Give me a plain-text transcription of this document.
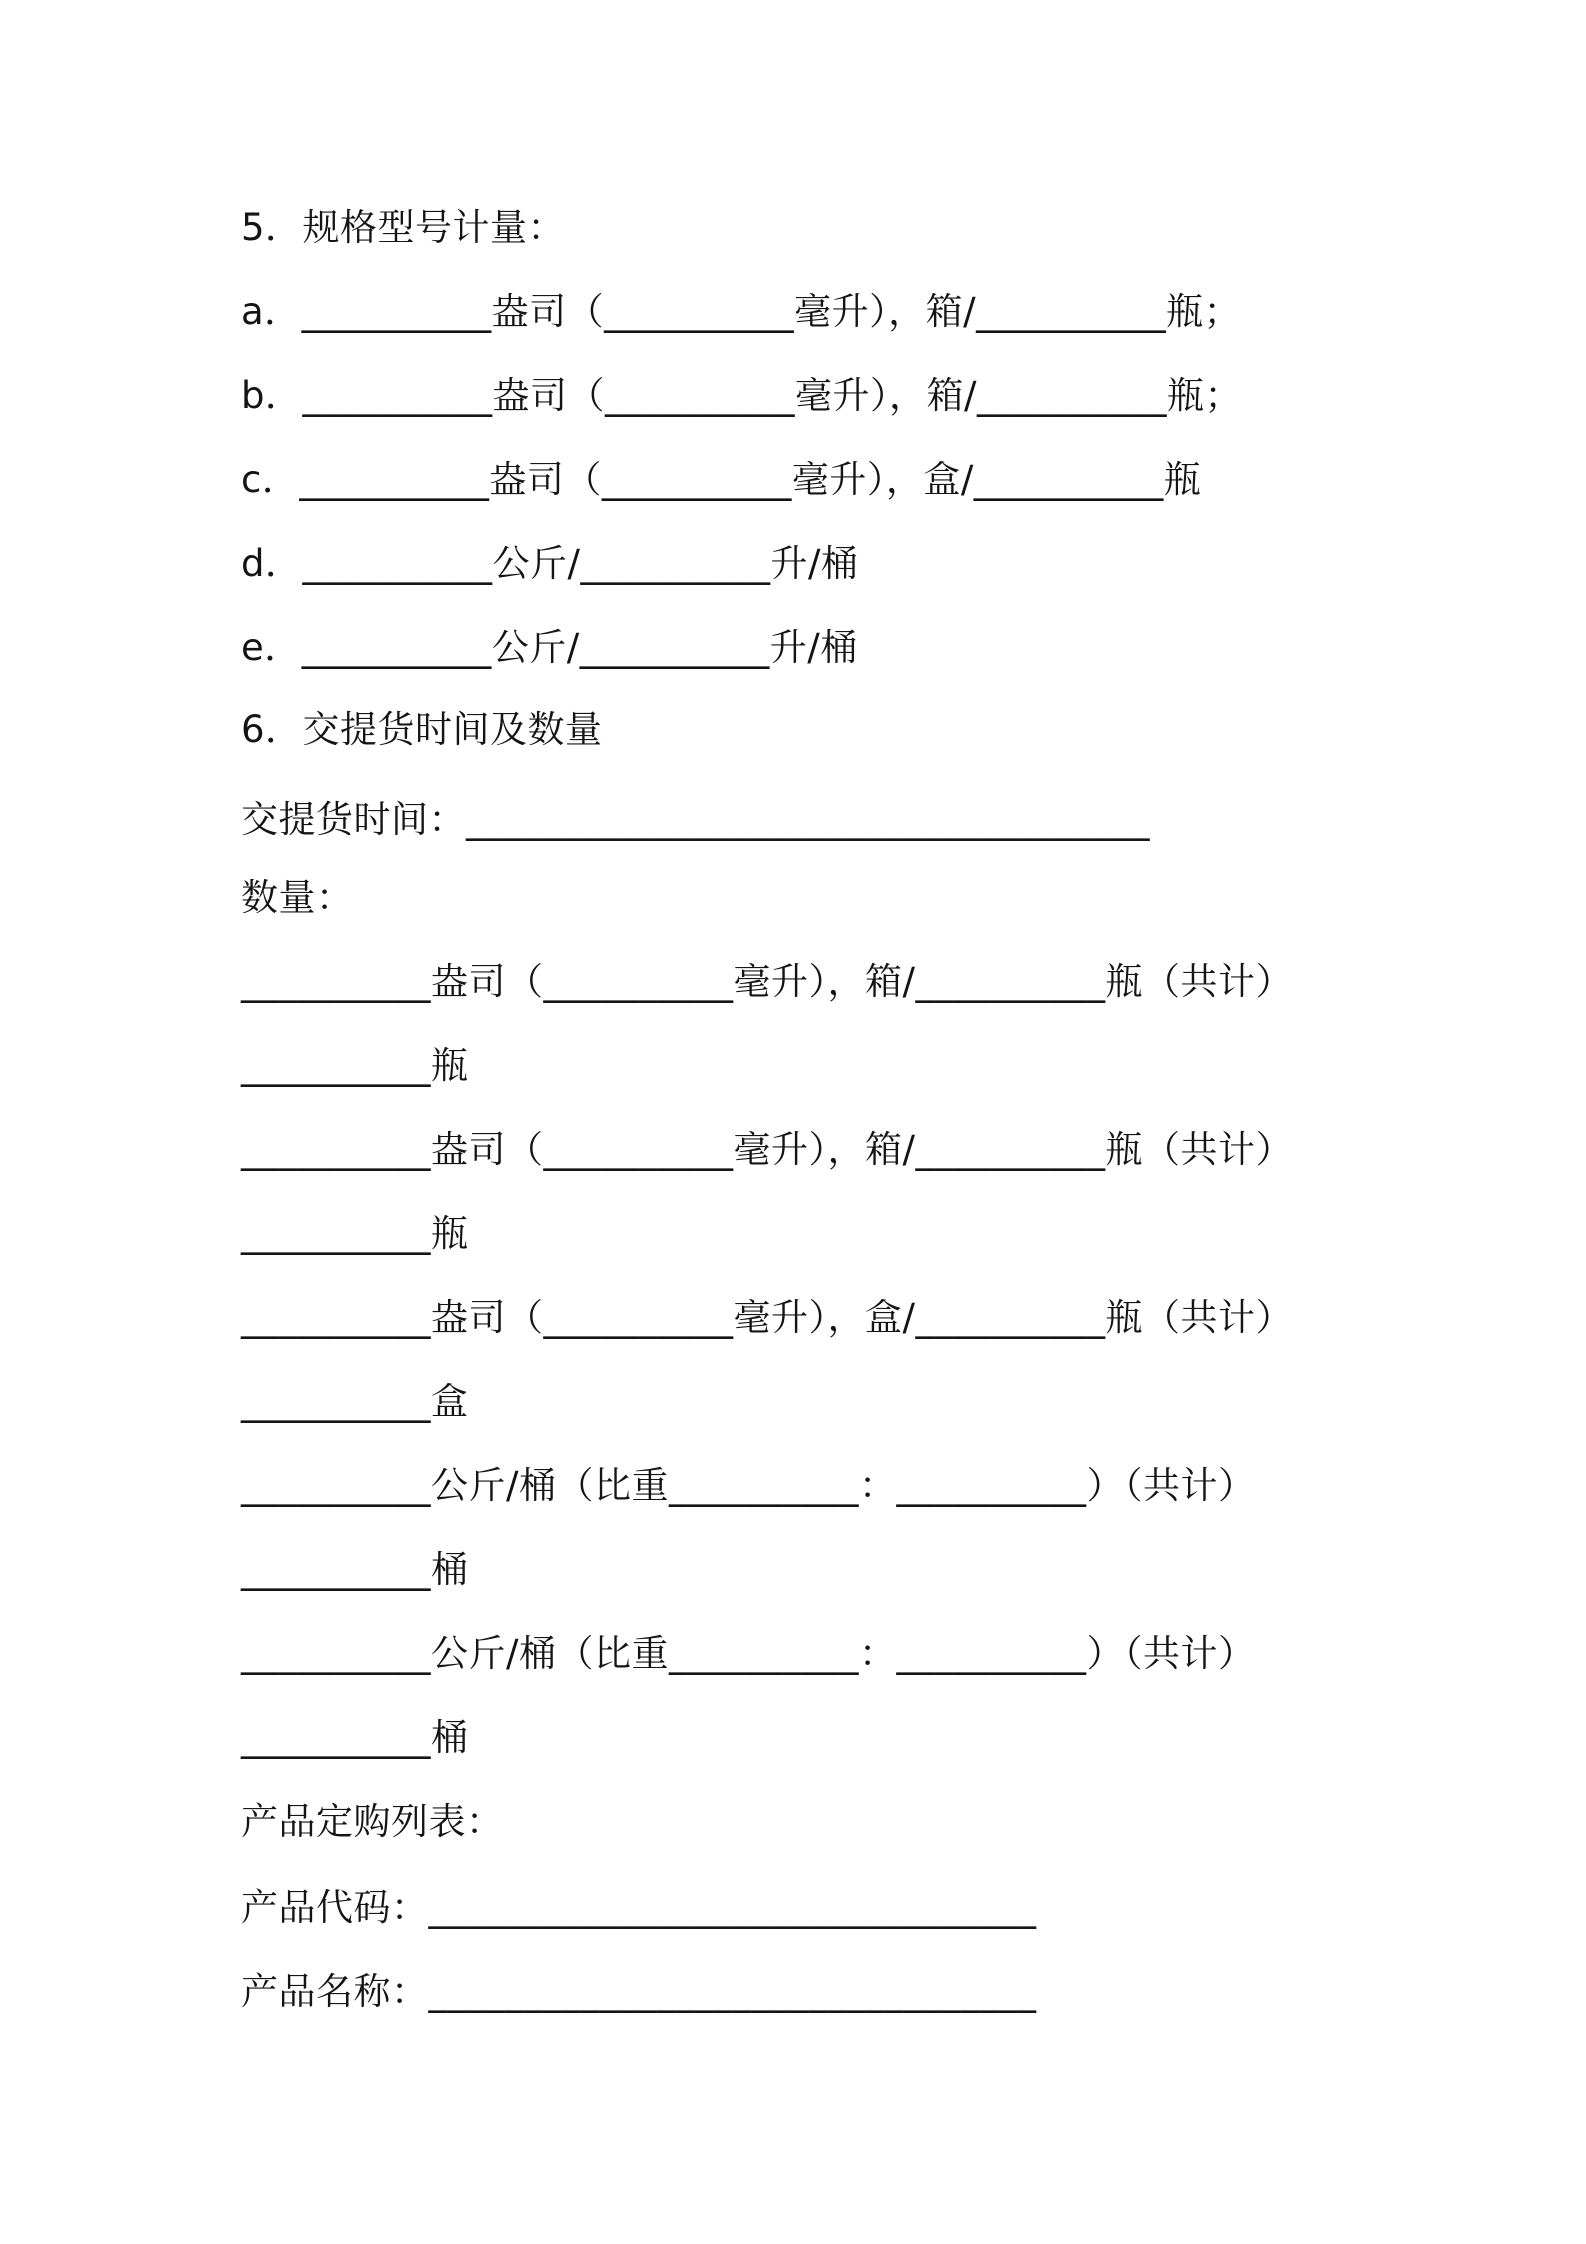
5．规格型号计量：
a．__________盎司（__________毫升），箱/__________瓶；
b．__________盎司（__________毫升），箱/__________瓶；
c．__________盎司（__________毫升），盒/__________瓶
d．__________公斤/__________升/桶
e．__________公斤/__________升/桶
6．交提货时间及数量
交提货时间：____________________________________
数量：
__________盎司（__________毫升），箱/__________瓶（共计）
__________瓶
__________盎司（__________毫升），箱/__________瓶（共计）
__________瓶
__________盎司（__________毫升），盒/__________瓶（共计）
__________盒
__________公斤/桶（比重__________：__________）（共计）
__________桶
__________公斤/桶（比重__________：__________）（共计）
__________桶
产品定购列表：
产品代码：________________________________
产品名称：________________________________
